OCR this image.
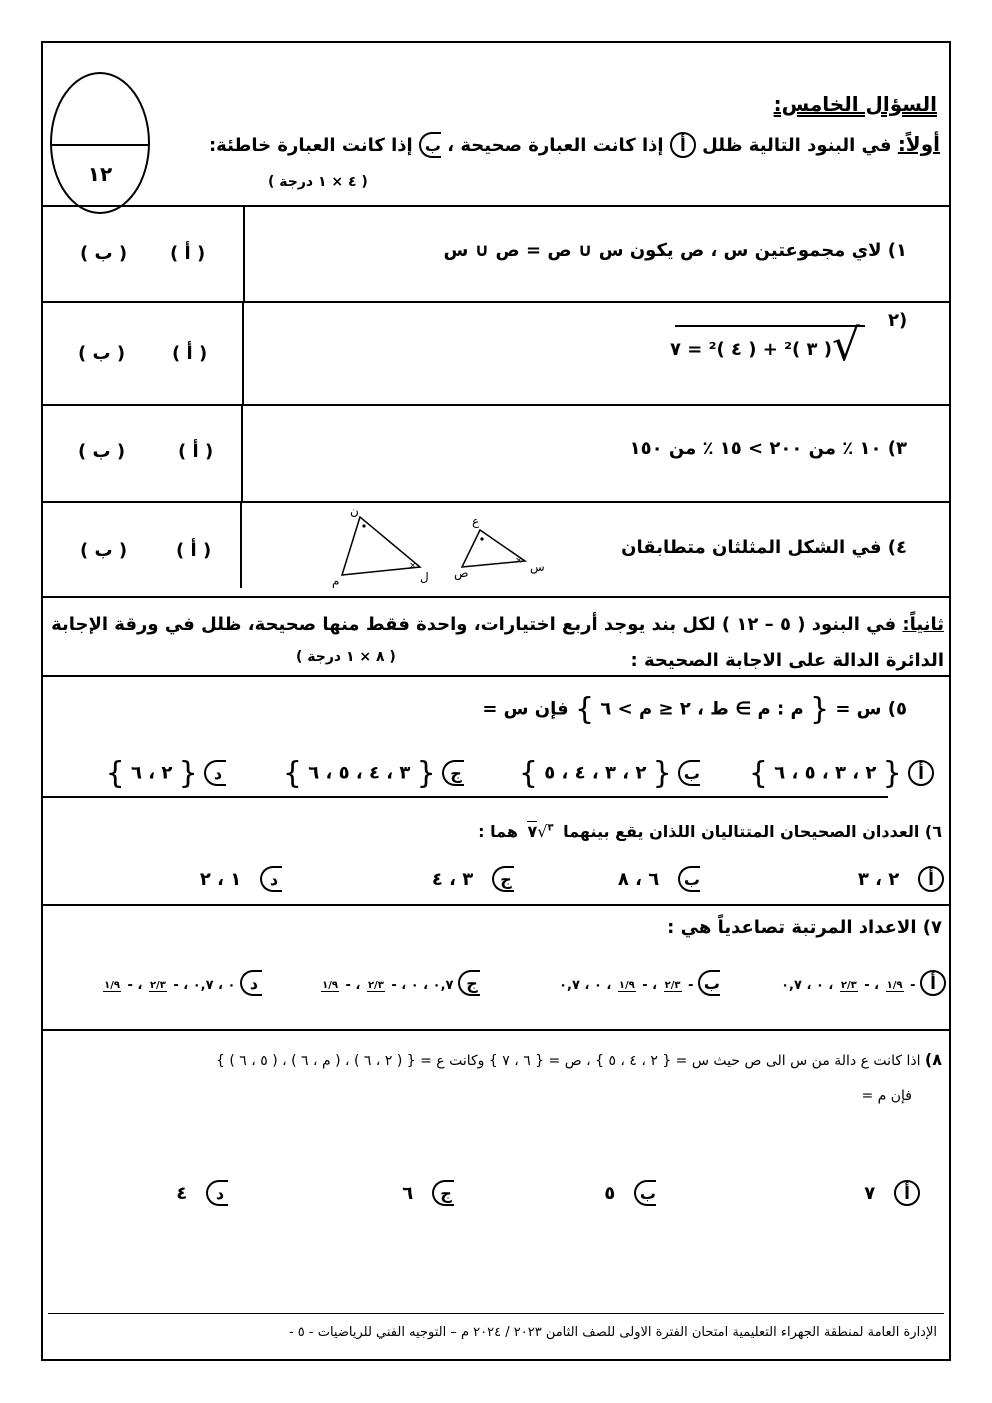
١٢
السؤال الخامس:
أولاً: في البنود التالية ظلل أ إذا كانت العبارة صحيحة ، ب إذا كانت العبارة خاطئة:
( ٤ × ١ درجة )
١) لاي مجموعتين س ، ص يكون س ∪ ص = ص ∪ س
( أ )
( ب )
٢)
√
( ٣ )² + ( ٤ )² = ٧
( أ )
( ب )
٣) ١٠ ٪ من ٢٠٠ > ١٥ ٪ من ١٥٠
( أ )
( ب )
٤) في الشكل المثلثان متطابقان
×	×
ن
م	ل
ع
ص	س
( أ )
( ب )
ثانياً: في البنود ( ٥ – ١٢ ) لكل بند يوجد أربع اختيارات، واحدة فقط منها صحيحة، ظلل في ورقة الإجابة
الدائرة الدالة على الاجابة الصحيحة :
( ٨ × ١ درجة )
٥) س = { م : م ∋ ط ، ٢ ≤ م > ٦ } فإن س =
أ { ٢ ، ٣ ، ٥ ، ٦ }
ب { ٢ ، ٣ ، ٤ ، ٥ }
ج { ٣ ، ٤ ، ٥ ، ٦ }
د { ٢ ، ٦ }
٦) العددان الصحيحان المتتاليان اللذان يقع بينهما $^٣$√٧ هما :
أ   ٢ ، ٣
ب   ٦ ، ٨
ج   ٣ ، ٤
د   ١ ، ٢
٧) الاعداد المرتبة تصاعدياً هي :
أ -
١/٩
، -
٢/٣
، ٠ ، ٠,٧
ب -
٢/٣
، -
١/٩
، ٠ ، ٠,٧
ج ٠,٧ ، ٠ ، -
٢/٣
، -
١/٩
د ٠ ، ٠,٧ ، -
٢/٣
، -
١/٩
٨) اذا كانت ع دالة من س الى ص حيث س = { ٢ ، ٤ ، ٥ } ، ص = { ٦ ، ٧ } وكانت ع = { ( ٢ ، ٦ ) ، ( م ، ٦ ) ، ( ٥ ، ٦ ) }
فإن م =
أ   ٧
ب   ٥
ج   ٦
د   ٤
الإدارة العامة لمنطقة الجهراء التعليمية امتحان الفترة الاولى للصف الثامن ٢٠٢٣ / ٢٠٢٤ م – التوجيه الفني للرياضيات - ٥ -
